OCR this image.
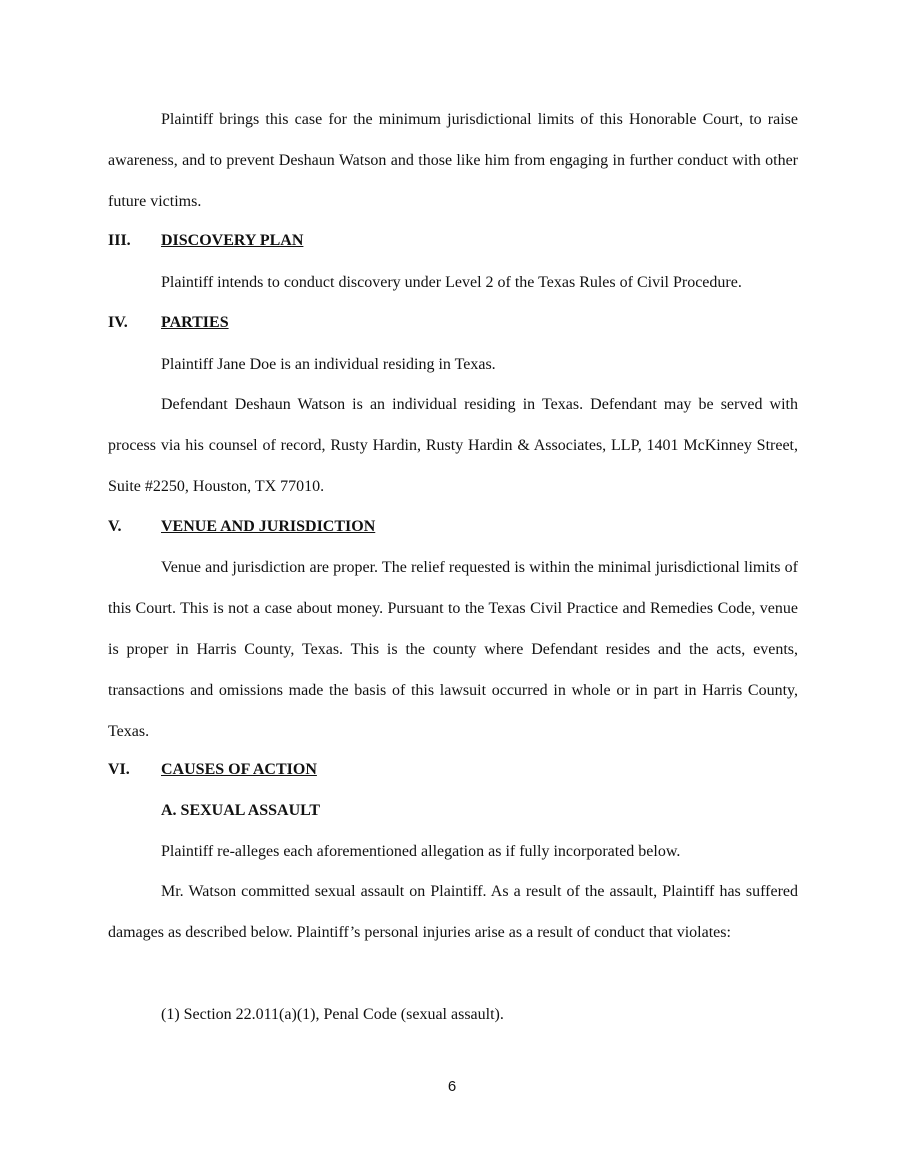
Plaintiff brings this case for the minimum jurisdictional limits of this Honorable Court, to raise awareness, and to prevent Deshaun Watson and those like him from engaging in further conduct with other future victims.

III. DISCOVERY PLAN

Plaintiff intends to conduct discovery under Level 2 of the Texas Rules of Civil Procedure.

IV. PARTIES

Plaintiff Jane Doe is an individual residing in Texas.

Defendant Deshaun Watson is an individual residing in Texas. Defendant may be served with process via his counsel of record, Rusty Hardin, Rusty Hardin & Associates, LLP, 1401 McKinney Street, Suite #2250, Houston, TX 77010.

V. VENUE AND JURISDICTION

Venue and jurisdiction are proper. The relief requested is within the minimal jurisdictional limits of this Court. This is not a case about money. Pursuant to the Texas Civil Practice and Remedies Code, venue is proper in Harris County, Texas. This is the county where Defendant resides and the acts, events, transactions and omissions made the basis of this lawsuit occurred in whole or in part in Harris County, Texas.

VI. CAUSES OF ACTION
A. SEXUAL ASSAULT

Plaintiff re-alleges each aforementioned allegation as if fully incorporated below.

Mr. Watson committed sexual assault on Plaintiff. As a result of the assault, Plaintiff has suffered damages as described below. Plaintiff’s personal injuries arise as a result of conduct that violates:

(1) Section 22.011(a)(1), Penal Code (sexual assault).
6
